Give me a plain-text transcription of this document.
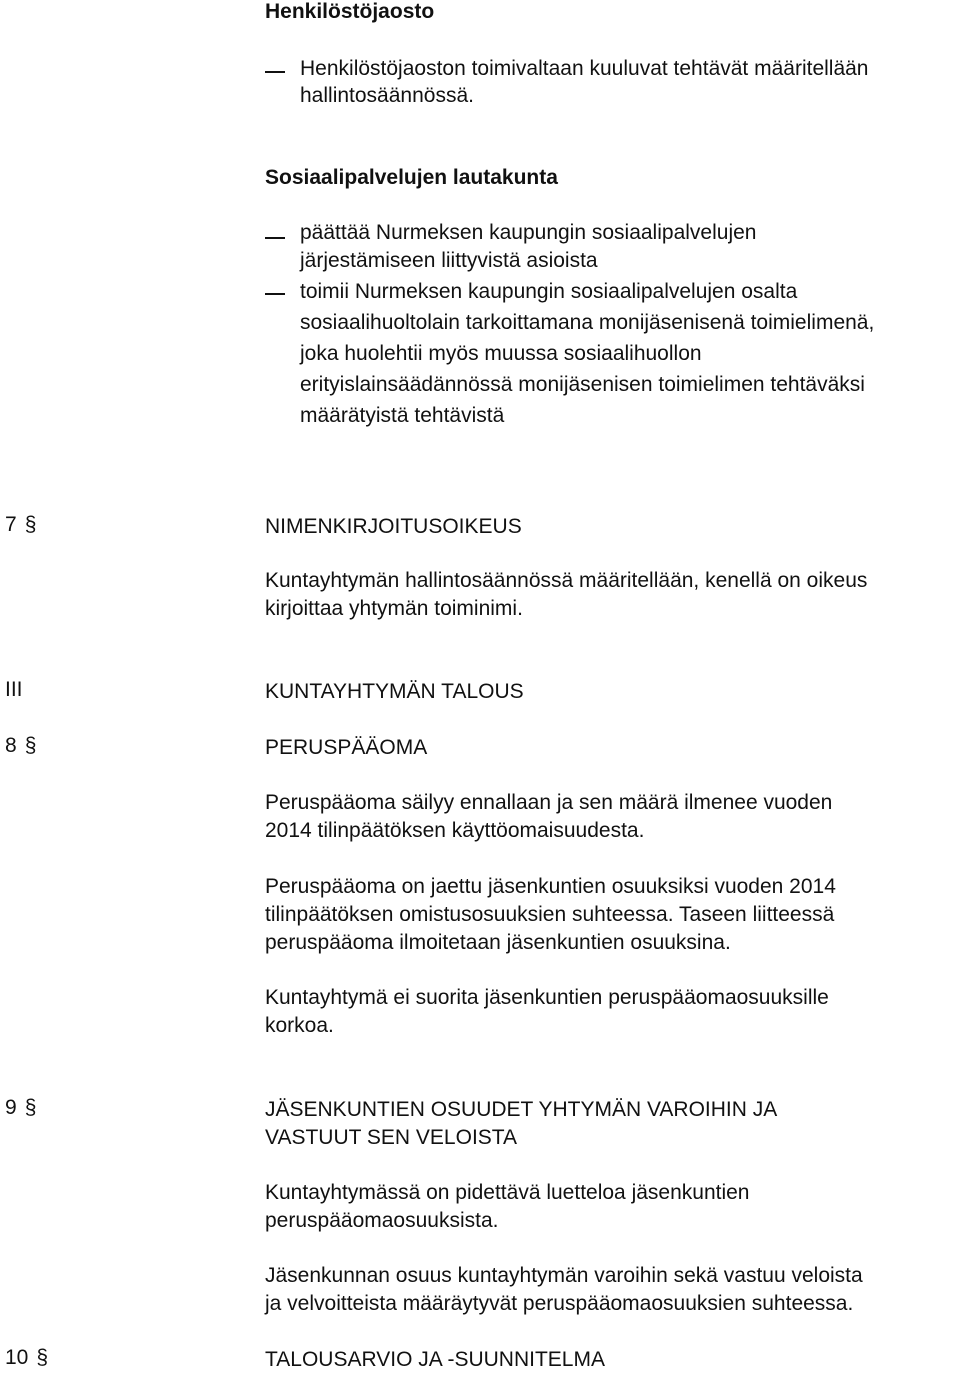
Henkilöstöjaosto
Henkilöstöjaoston toimivaltaan kuuluvat tehtävät määritellään
hallintosäännössä.
Sosiaalipalvelujen lautakunta
päättää Nurmeksen kaupungin sosiaalipalvelujen
järjestämiseen liittyvistä asioista
toimii Nurmeksen kaupungin sosiaalipalvelujen osalta
sosiaalihuoltolain tarkoittamana monijäsenisenä toimielimenä,
joka huolehtii myös muussa sosiaalihuollon
erityislainsäädännössä monijäsenisen toimielimen tehtäväksi
määrätyistä tehtävistä
7 §	NIMENKIRJOITUSOIKEUS
Kuntayhtymän hallintosäännössä määritellään, kenellä on oikeus
kirjoittaa yhtymän toiminimi.
III	KUNTAYHTYMÄN TALOUS
8 §	PERUSPÄÄOMA
Peruspääoma säilyy ennallaan ja sen määrä ilmenee vuoden
2014 tilinpäätöksen käyttöomaisuudesta.
Peruspääoma on jaettu jäsenkuntien osuuksiksi vuoden 2014
tilinpäätöksen omistusosuuksien suhteessa. Taseen liitteessä
peruspääoma ilmoitetaan jäsenkuntien osuuksina.
Kuntayhtymä ei suorita jäsenkuntien peruspääomaosuuksille
korkoa.
9 §	JÄSENKUNTIEN OSUUDET YHTYMÄN VAROIHIN JA
VASTUUT SEN VELOISTA
Kuntayhtymässä on pidettävä luetteloa jäsenkuntien
peruspääomaosuuksista.
Jäsenkunnan osuus kuntayhtymän varoihin sekä vastuu veloista
ja velvoitteista määräytyvät peruspääomaosuuksien suhteessa.
10 §	TALOUSARVIO JA -SUUNNITELMA
